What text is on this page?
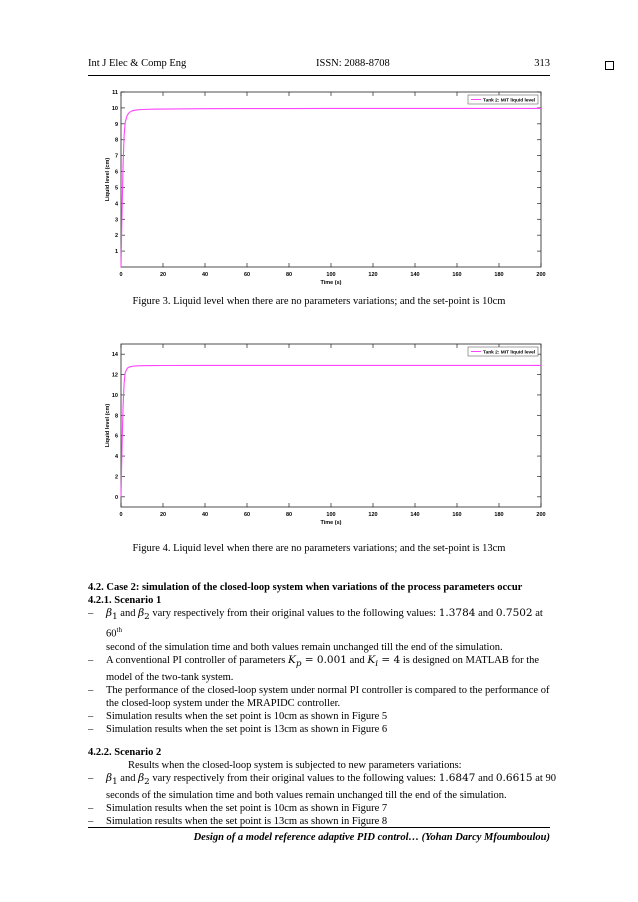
Int J Elec & Comp Eng	ISSN: 2088-8708	313
0	20	40	60	80	100	120	140	160	180	200
1
2
3
4
5
6
7
8
9
10
11
Time (s)
Liquid level (cm)
Tank 2: MIT liquid level
Figure 3. Liquid level when there are no parameters variations; and the set-point is 10cm
0	20	40	60	80	100	120	140	160	180	200
0
2
4
6
8
10
12
14
Time (s)
Liquid level (cm)
Tank 2: MIT liquid level
Figure 4. Liquid level when there are no parameters variations; and the set-point is 13cm
4.2. Case 2: simulation of the closed-loop system when variations of the process parameters occur
4.2.1. Scenario 1
– $\beta_1$ and $\beta_2$ vary respectively from their original values to the following values: 1.3784 and 0.7502 at 60th
second of the simulation time and both values remain unchanged till the end of the simulation.
– A conventional PI controller of parameters $K_p = 0.001$ and $K_i = 4$ is designed on MATLAB for the
model of the two-tank system.
– The performance of the closed-loop system under normal PI controller is compared to the performance of
the closed-loop system under the MRAPIDC controller.
– Simulation results when the set point is 10cm as shown in Figure 5
– Simulation results when the set point is 13cm as shown in Figure 6
4.2.2. Scenario 2
Results when the closed-loop system is subjected to new parameters variations:
– $\beta_1$ and $\beta_2$ vary respectively from their original values to the following values: 1.6847 and 0.6615 at 90
seconds of the simulation time and both values remain unchanged till the end of the simulation.
– Simulation results when the set point is 10cm as shown in Figure 7
– Simulation results when the set point is 13cm as shown in Figure 8
Design of a model reference adaptive PID control… (Yohan Darcy Mfoumboulou)
